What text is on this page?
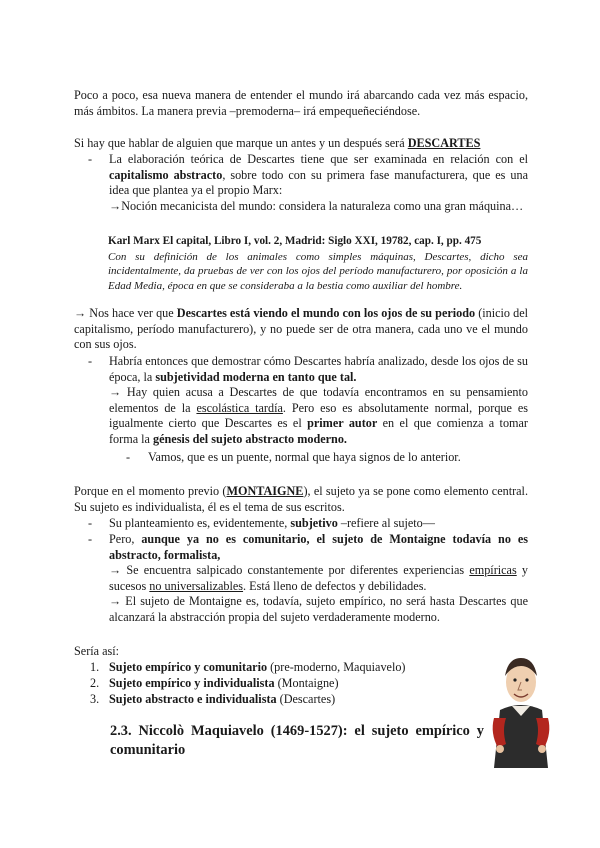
Poco a poco, esa nueva manera de entender el mundo irá abarcando cada vez más espacio, más ámbitos. La manera previa –premoderna– irá empequeñeciéndose.

Si hay que hablar de alguien que marque un antes y un después será DESCARTES

- La elaboración teórica de Descartes tiene que ser examinada en relación con el capitalismo abstracto, sobre todo con su primera fase manufacturera, que es una idea que plantea ya el propio Marx:
→Noción mecanicista del mundo: considera la naturaleza como una gran máquina…
Karl Marx El capital, Libro I, vol. 2, Madrid: Siglo XXI, 19782, cap. I, pp. 475
Con su definición de los animales como simples máquinas, Descartes, dicho sea incidentalmente, da pruebas de ver con los ojos del período manufacturero, por oposición a la Edad Media, época en que se consideraba a la bestia como auxiliar del hombre.

→ Nos hace ver que Descartes está viendo el mundo con los ojos de su periodo (inicio del capitalismo, período manufacturero), y no puede ser de otra manera, cada uno ve el mundo con sus ojos.

- Habría entonces que demostrar cómo Descartes habría analizado, desde los ojos de su época, la subjetividad moderna en tanto que tal.
→ Hay quien acusa a Descartes de que todavía encontramos en su pensamiento elementos de la escolástica tardía. Pero eso es absolutamente normal, porque es igualmente cierto que Descartes es el primer autor en el que comienza a tomar forma la génesis del sujeto abstracto moderno.
- Vamos, que es un puente, normal que haya signos de lo anterior.

Porque en el momento previo (MONTAIGNE), el sujeto ya se pone como elemento central. Su sujeto es individualista, él es el tema de sus escritos.

- Su planteamiento es, evidentemente, subjetivo –refiere al sujeto—
- Pero, aunque ya no es comunitario, el sujeto de Montaigne todavía no es abstracto, formalista,
→ Se encuentra salpicado constantemente por diferentes experiencias empíricas y sucesos no universalizables. Está lleno de defectos y debilidades.
→ El sujeto de Montaigne es, todavía, sujeto empírico, no será hasta Descartes que alcanzará la abstracción propia del sujeto verdaderamente moderno.

Sería así:

1. Sujeto empírico y comunitario (pre-moderno, Maquiavelo)
2. Sujeto empírico y individualista (Montaigne)
3. Sujeto abstracto e individualista (Descartes)
2.3. Niccolò Maquiavelo (1469-1527): el sujeto empírico y comunitario
